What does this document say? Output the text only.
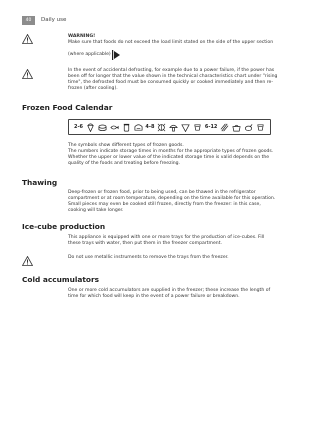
40	Daily use
WARNING!
Make sure that foods do not exceed the load limit stated on the side of the upper section
(where applicable)
In the event of accidental defrosting, for example due to a power failure, if the power has been off for longer that the value shown in the technical characteristics chart under "rising time", the defrosted food must be consumed quickly or cooked immediately and then re-frozen (after cooling).
Frozen Food Calendar
2-6	4-8	6-12
The symbols show different types of frozen goods.
The numbers indicate storage times in months for the appropriate types of frozen goods. Whether the upper or lower value of the indicated storage time is valid depends on the quality of the foods and treating before freezing.
Thawing
Deep-frozen or frozen food, prior to being used, can be thawed in the refrigerator compartment or at room temperature, depending on the time available for this operation.
Small pieces may even be cooked still frozen, directly from the freezer: in this case, cooking will take longer.
Ice-cube production
This appliance is equipped with one or more trays for the production of ice-cubes. Fill these trays with water, then put them in the freezer compartment.
Do not use metallic instruments to remove the trays from the freezer.
Cold accumulators
One or more cold accumulators are supplied in the freezer; these increase the length of time for which food will keep in the event of a power failure or breakdown.
